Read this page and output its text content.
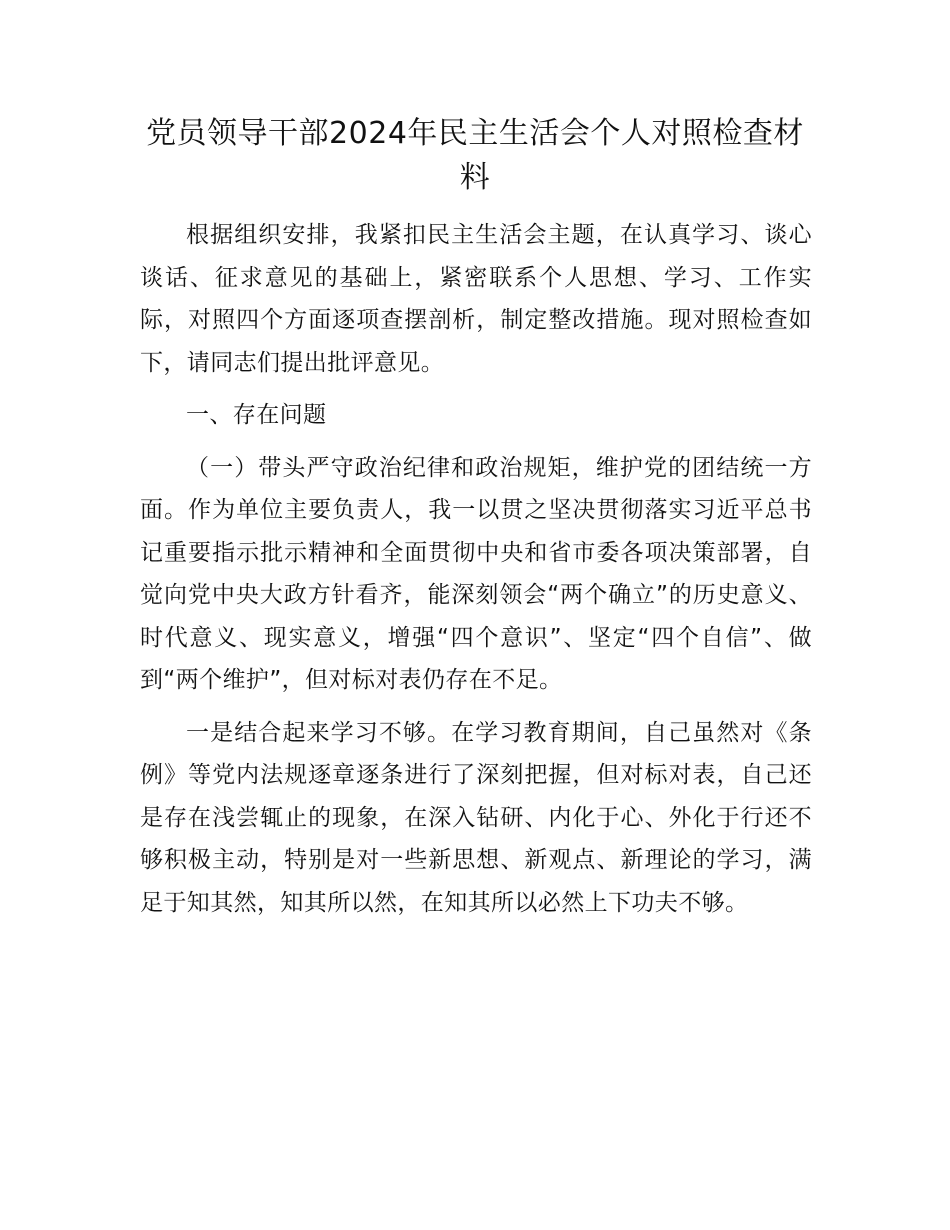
党员领导干部2024年民主生活会个人对照检查材料

根据组织安排，我紧扣民主生活会主题，在认真学习、谈心谈话、征求意见的基础上，紧密联系个人思想、学习、工作实际，对照四个方面逐项查摆剖析，制定整改措施。现对照检查如下，请同志们提出批评意见。

一、存在问题

（一）带头严守政治纪律和政治规矩，维护党的团结统一方面。作为单位主要负责人，我一以贯之坚决贯彻落实习近平总书记重要指示批示精神和全面贯彻中央和省市委各项决策部署，自觉向党中央大政方针看齐，能深刻领会“两个确立”的历史意义、时代意义、现实意义，增强“四个意识”、坚定“四个自信”、做到“两个维护”，但对标对表仍存在不足。

一是结合起来学习不够。在学习教育期间，自己虽然对《条例》等党内法规逐章逐条进行了深刻把握，但对标对表，自己还是存在浅尝辄止的现象，在深入钻研、内化于心、外化于行还不够积极主动，特别是对一些新思想、新观点、新理论的学习，满足于知其然，知其所以然，在知其所以必然上下功夫不够。
